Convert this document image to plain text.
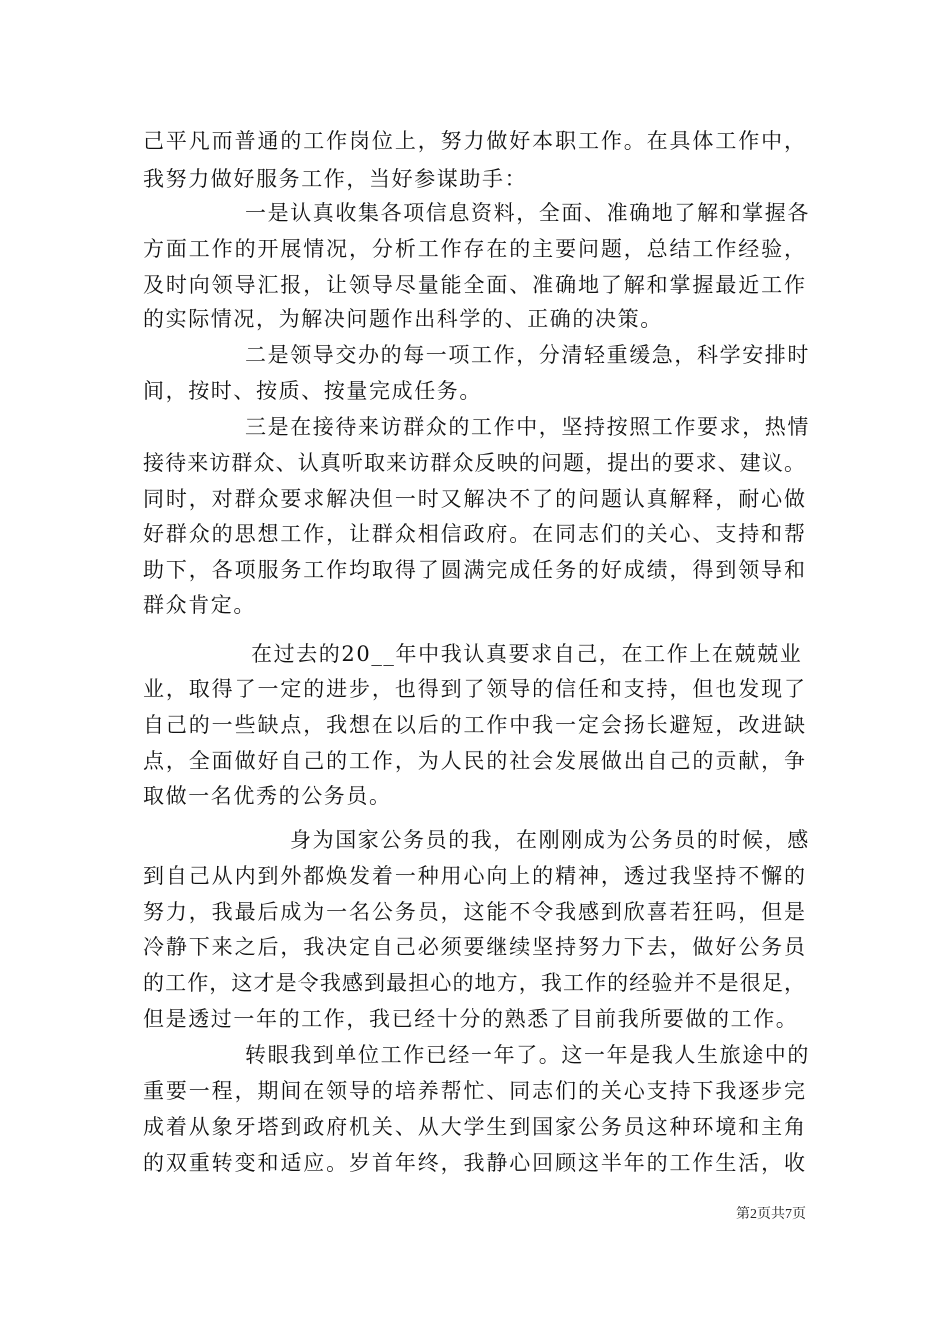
己平凡而普通的工作岗位上，努力做好本职工作。在具体工作中，
我努力做好服务工作，当好参谋助手：
一是认真收集各项信息资料，全面、准确地了解和掌握各
方面工作的开展情况，分析工作存在的主要问题，总结工作经验，
及时向领导汇报，让领导尽量能全面、准确地了解和掌握最近工作
的实际情况，为解决问题作出科学的、正确的决策。
二是领导交办的每一项工作，分清轻重缓急，科学安排时
间，按时、按质、按量完成任务。
三是在接待来访群众的工作中，坚持按照工作要求，热情
接待来访群众、认真听取来访群众反映的问题，提出的要求、建议。
同时，对群众要求解决但一时又解决不了的问题认真解释，耐心做
好群众的思想工作，让群众相信政府。在同志们的关心、支持和帮
助下，各项服务工作均取得了圆满完成任务的好成绩，得到领导和
群众肯定。
在过去的20__年中我认真要求自己，在工作上在兢兢业
业，取得了一定的进步，也得到了领导的信任和支持，但也发现了
自己的一些缺点，我想在以后的工作中我一定会扬长避短，改进缺
点，全面做好自己的工作，为人民的社会发展做出自己的贡献，争
取做一名优秀的公务员。
身为国家公务员的我，在刚刚成为公务员的时候，感
到自己从内到外都焕发着一种用心向上的精神，透过我坚持不懈的
努力，我最后成为一名公务员，这能不令我感到欣喜若狂吗，但是
冷静下来之后，我决定自己必须要继续坚持努力下去，做好公务员
的工作，这才是令我感到最担心的地方，我工作的经验并不是很足，
但是透过一年的工作，我已经十分的熟悉了目前我所要做的工作。
转眼我到单位工作已经一年了。这一年是我人生旅途中的
重要一程，期间在领导的培养帮忙、同志们的关心支持下我逐步完
成着从象牙塔到政府机关、从大学生到国家公务员这种环境和主角
的双重转变和适应。岁首年终，我静心回顾这半年的工作生活，收
第2页共7页
